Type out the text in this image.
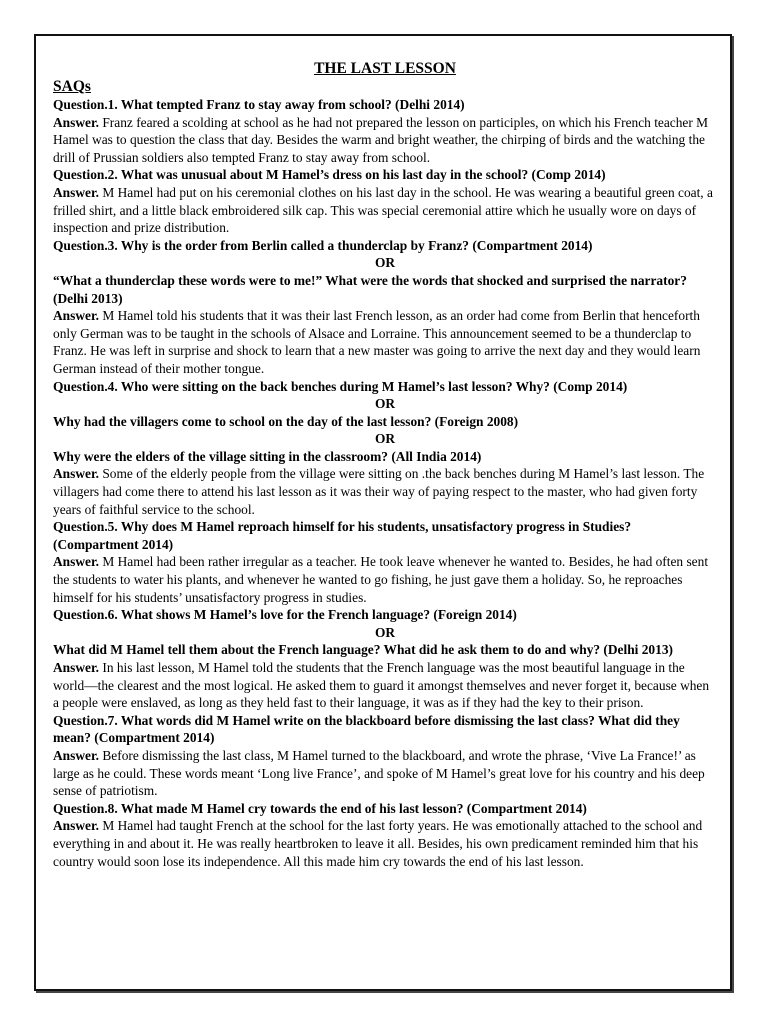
THE LAST LESSON

SAQs

Question.1. What tempted Franz to stay away from school? (Delhi 2014)

Answer. Franz feared a scolding at school as he had not prepared the lesson on participles, on which his French teacher M Hamel was to question the class that day. Besides the warm and bright weather, the chirping of birds and the watching the drill of Prussian soldiers also tempted Franz to stay away from school.

Question.2. What was unusual about M Hamel’s dress on his last day in the school? (Comp 2014)

Answer. M Hamel had put on his ceremonial clothes on his last day in the school. He was wearing a beautiful green coat, a frilled shirt, and a little black embroidered silk cap. This was special ceremonial attire which he usually wore on days of inspection and prize distribution.

Question.3. Why is the order from Berlin called a thunderclap by Franz? (Compartment 2014)

OR

“What a thunderclap these words were to me!” What were the words that shocked and surprised the narrator? (Delhi 2013)

Answer. M Hamel told his students that it was their last French lesson, as an order had come from Berlin that henceforth only German was to be taught in the schools of Alsace and Lorraine. This announcement seemed to be a thunderclap to Franz. He was left in surprise and shock to learn that a new master was going to arrive the next day and they would learn German instead of their mother tongue.

Question.4. Who were sitting on the back benches during M Hamel’s last lesson? Why? (Comp 2014)

OR

Why had the villagers come to school on the day of the last lesson? (Foreign 2008)

OR

Why were the elders of the village sitting in the classroom? (All India 2014)

Answer. Some of the elderly people from the village were sitting on .the back benches during M Hamel’s last lesson. The villagers had come there to attend his last lesson as it was their way of paying respect to the master, who had given forty years of faithful service to the school.

Question.5. Why does M Hamel reproach himself for his students, unsatisfactory progress in Studies? (Compartment 2014)

Answer. M Hamel had been rather irregular as a teacher. He took leave whenever he wanted to. Besides, he had often sent the students to water his plants, and whenever he wanted to go fishing, he just gave them a holiday. So, he reproaches himself for his students’ unsatisfactory progress in studies.

Question.6. What shows M Hamel’s love for the French language? (Foreign 2014)

OR

What did M Hamel tell them about the French language? What did he ask them to do and why? (Delhi 2013)

Answer. In his last lesson, M Hamel told the students that the French language was the most beautiful language in the world—the clearest and the most logical. He asked them to guard it amongst themselves and never forget it, because when a people were enslaved, as long as they held fast to their language, it was as if they had the key to their prison.

Question.7. What words did M Hamel write on the blackboard before dismissing the last class? What did they mean? (Compartment 2014)

Answer. Before dismissing the last class, M Hamel turned to the blackboard, and wrote the phrase, ‘Vive La France!’ as large as he could. These words meant ‘Long live France’, and spoke of M Hamel’s great love for his country and his deep sense of patriotism.

Question.8. What made M Hamel cry towards the end of his last lesson? (Compartment 2014)

Answer. M Hamel had taught French at the school for the last forty years. He was emotionally attached to the school and everything in and about it. He was really heartbroken to leave it all. Besides, his own predicament reminded him that his country would soon lose its independence. All this made him cry towards the end of his last lesson.
